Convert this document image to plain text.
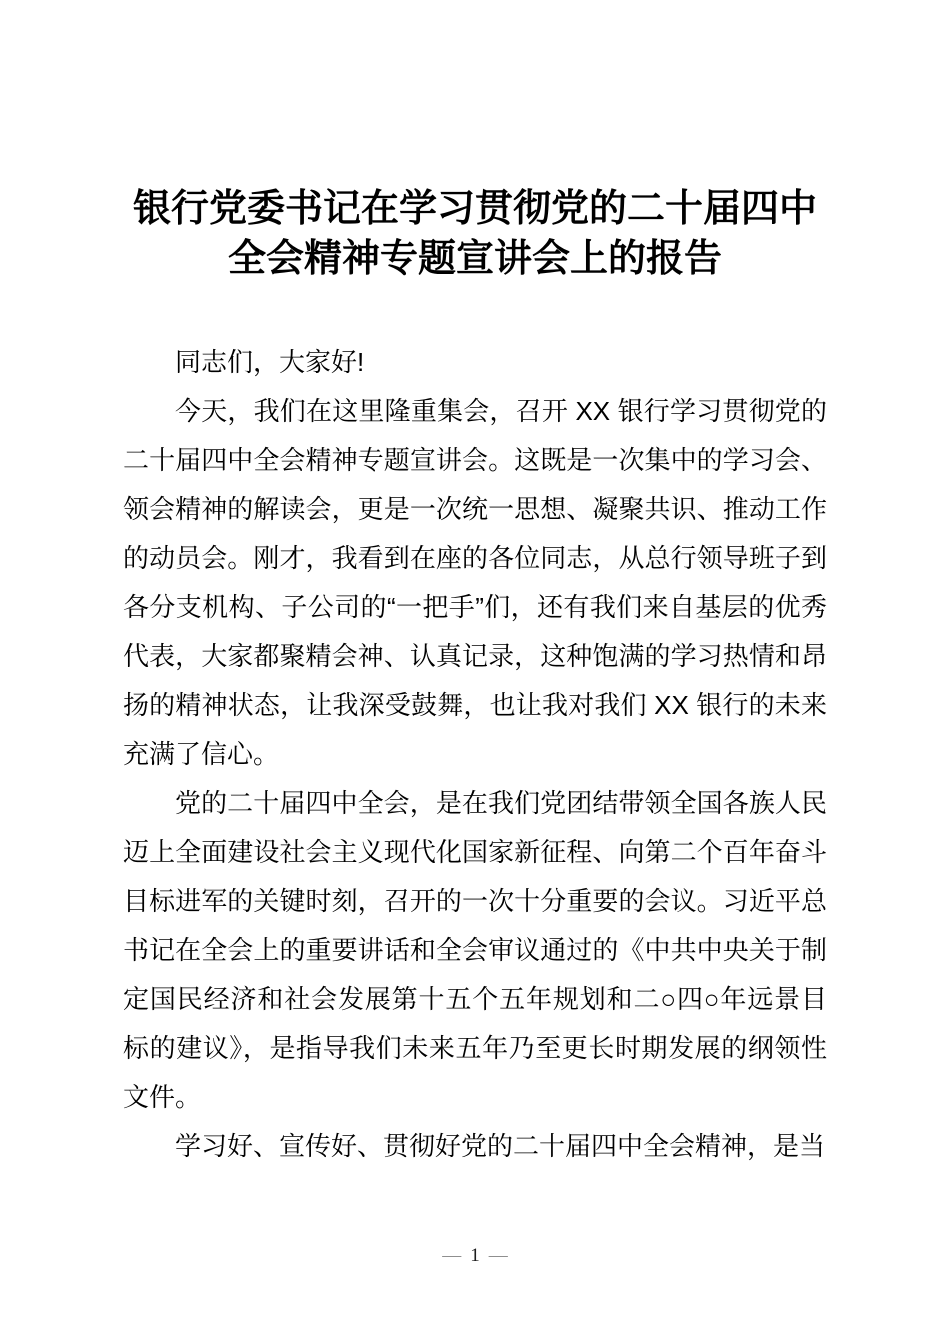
银行党委书记在学习贯彻党的二十届四中全会精神专题宣讲会上的报告

同志们，大家好!

今天，我们在这里隆重集会，召开 XX 银行学习贯彻党的二十届四中全会精神专题宣讲会。这既是一次集中的学习会、领会精神的解读会，更是一次统一思想、凝聚共识、推动工作的动员会。刚才，我看到在座的各位同志，从总行领导班子到各分支机构、子公司的“一把手”们，还有我们来自基层的优秀代表，大家都聚精会神、认真记录，这种饱满的学习热情和昂扬的精神状态，让我深受鼓舞，也让我对我们 XX 银行的未来充满了信心。

党的二十届四中全会，是在我们党团结带领全国各族人民迈上全面建设社会主义现代化国家新征程、向第二个百年奋斗目标进军的关键时刻，召开的一次十分重要的会议。习近平总书记在全会上的重要讲话和全会审议通过的《中共中央关于制定国民经济和社会发展第十五个五年规划和二○四○年远景目标的建议》，是指导我们未来五年乃至更长时期发展的纲领性文件。

学习好、宣传好、贯彻好党的二十届四中全会精神，是当

— 1 —
